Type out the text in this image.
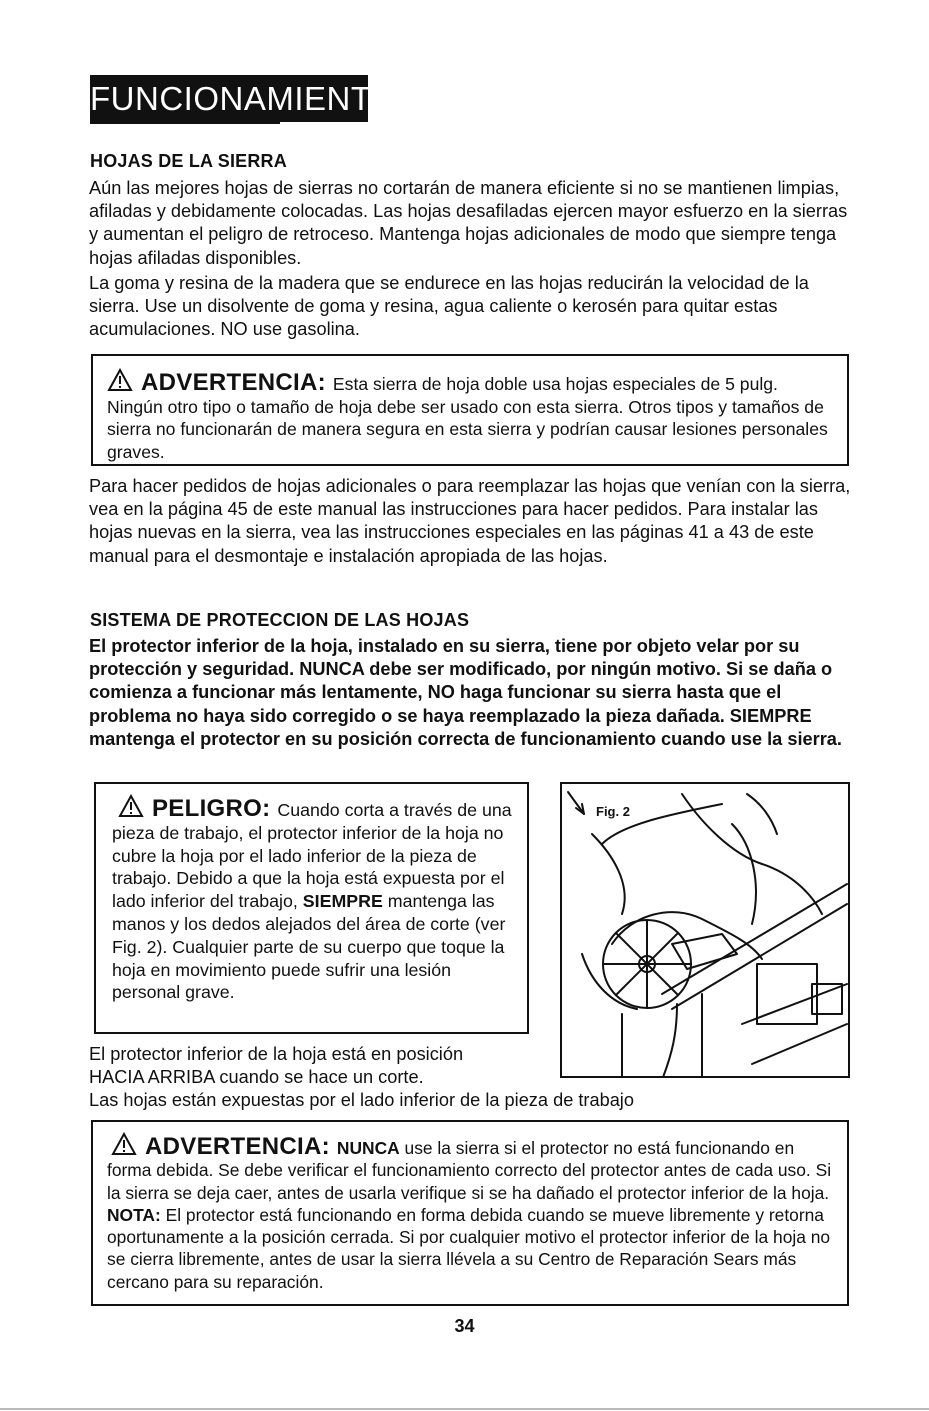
FUNCIONAMIENTO
HOJAS DE LA SIERRA

Aún las mejores hojas de sierras no cortarán de manera eficiente si no se mantienen limpias, afiladas y debidamente colocadas. Las hojas desafiladas ejercen mayor esfuerzo en la sierras y aumentan el peligro de retroceso. Mantenga hojas adicionales de modo que siempre tenga hojas afiladas disponibles.

La goma y resina de la madera que se endurece en las hojas reducirán la velocidad de la sierra. Use un disolvente de goma y resina, agua caliente o kerosén para quitar estas acumulaciones. NO use gasolina.

ADVERTENCIA: Esta sierra de hoja doble usa hojas especiales de 5 pulg. Ningún otro tipo o tamaño de hoja debe ser usado con esta sierra. Otros tipos y tamaños de sierra no funcionarán de manera segura en esta sierra y podrían causar lesiones personales graves.
Para hacer pedidos de hojas adicionales o para reemplazar las hojas que venían con la sierra, vea en la página 45 de este manual las instrucciones para hacer pedidos. Para instalar las hojas nuevas en la sierra, vea las instrucciones especiales en las páginas 41 a 43 de este manual para el desmontaje e instalación apropiada de las hojas.
SISTEMA DE PROTECCION DE LAS HOJAS
El protector inferior de la hoja, instalado en su sierra, tiene por objeto velar por su protección y seguridad. NUNCA debe ser modificado, por ningún motivo. Si se daña o comienza a funcionar más lentamente, NO haga funcionar su sierra hasta que el problema no haya sido corregido o se haya reemplazado la pieza dañada. SIEMPRE mantenga el protector en su posición correcta de funcionamiento cuando use la sierra.
PELIGRO: Cuando corta a través de una pieza de trabajo, el protector inferior de la hoja no cubre la hoja por el lado inferior de la pieza de trabajo. Debido a que la hoja está expuesta por el lado inferior del trabajo, SIEMPRE mantenga las manos y los dedos alejados del área de corte (ver Fig. 2). Cualquier parte de su cuerpo que toque la hoja en movimiento puede sufrir una lesión personal grave.
Fig. 2

El protector inferior de la hoja está en posición

HACIA ARRIBA cuando se hace un corte.

Las hojas están expuestas por el lado inferior de la pieza de trabajo

ADVERTENCIA: NUNCA use la sierra si el protector no está funcionando en forma debida. Se debe verificar el funcionamiento correcto del protector antes de cada uso. Si la sierra se deja caer, antes de usarla verifique si se ha dañado el protector inferior de la hoja. NOTA: El protector está funcionando en forma debida cuando se mueve libremente y retorna oportunamente a la posición cerrada. Si por cualquier motivo el protector inferior de la hoja no se cierra libremente, antes de usar la sierra llévela a su Centro de Reparación Sears más cercano para su reparación.
34
